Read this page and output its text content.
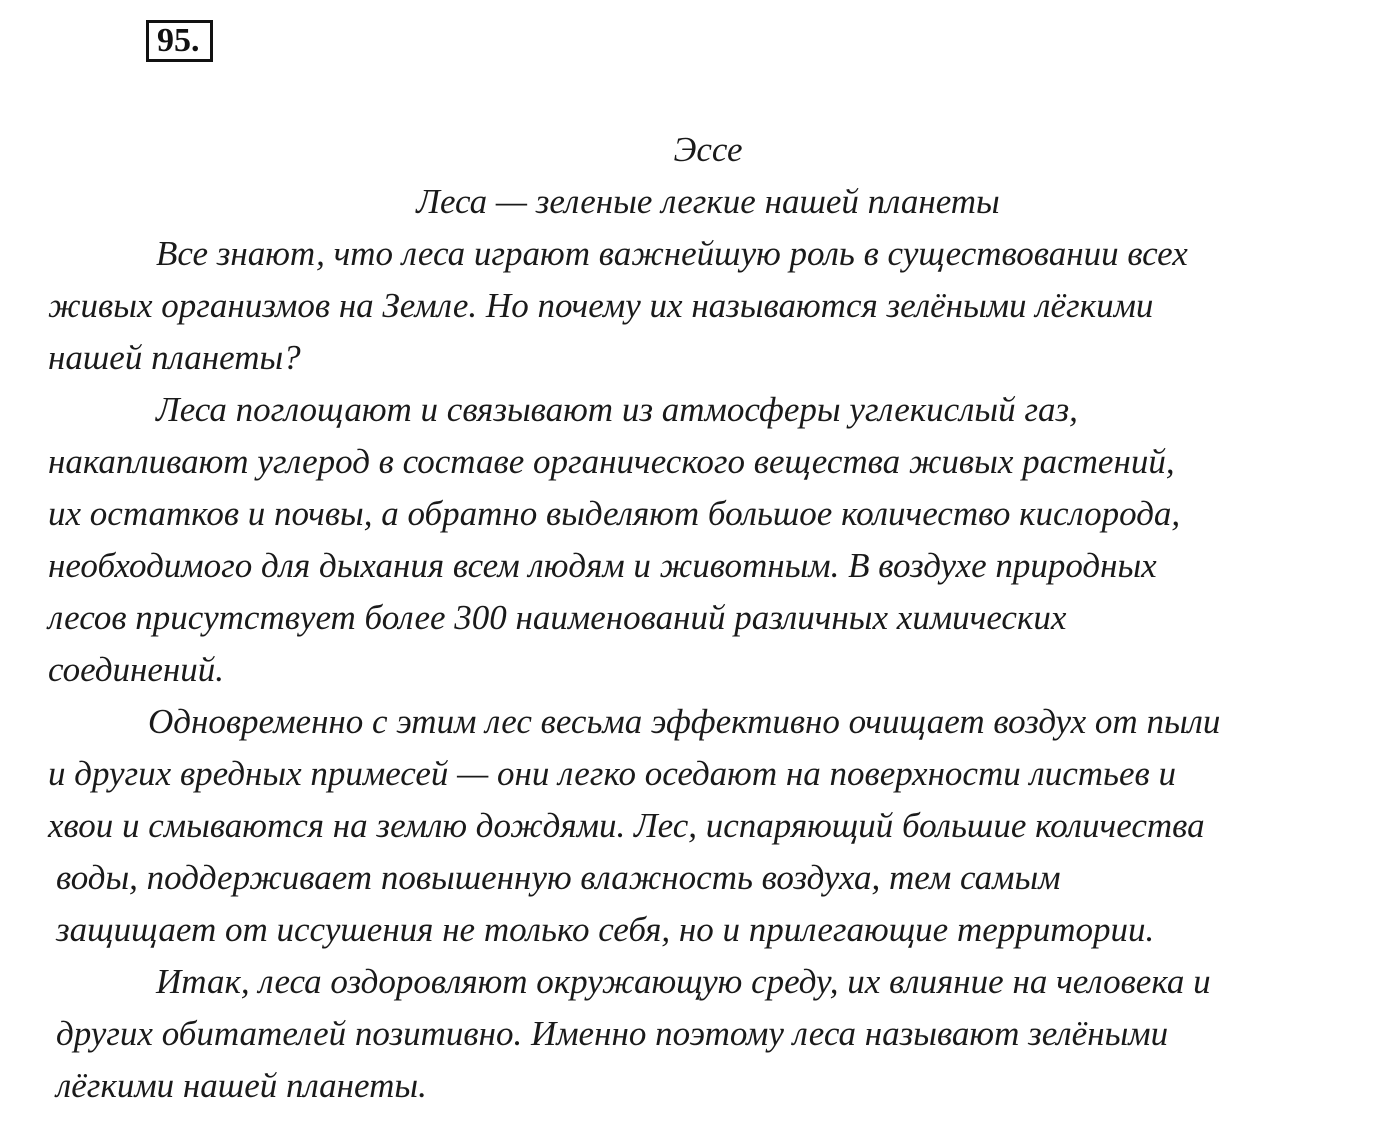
95.

Эссе

Леса — зеленые легкие нашей планеты

Все знают, что леса играют важнейшую роль в существовании всех

живых организмов на Земле. Но почему их называются зелёными лёгкими

нашей планеты?

Леса поглощают и связывают из атмосферы углекислый газ,

накапливают углерод в составе органического вещества живых растений,

их остатков и почвы, а обратно выделяют большое количество кислорода,

необходимого для дыхания всем людям и животным. В воздухе природных

лесов присутствует более 300 наименований различных химических

соединений.

Одновременно с этим лес весьма эффективно очищает воздух от пыли

и других вредных примесей — они легко оседают на поверхности листьев и

хвои и смываются на землю дождями. Лес, испаряющий большие количества

воды, поддерживает повышенную влажность воздуха, тем самым

защищает от иссушения не только себя, но и прилегающие территории.

Итак, леса оздоровляют окружающую среду, их влияние на человека и

других обитателей позитивно. Именно поэтому леса называют зелёными

лёгкими нашей планеты.
